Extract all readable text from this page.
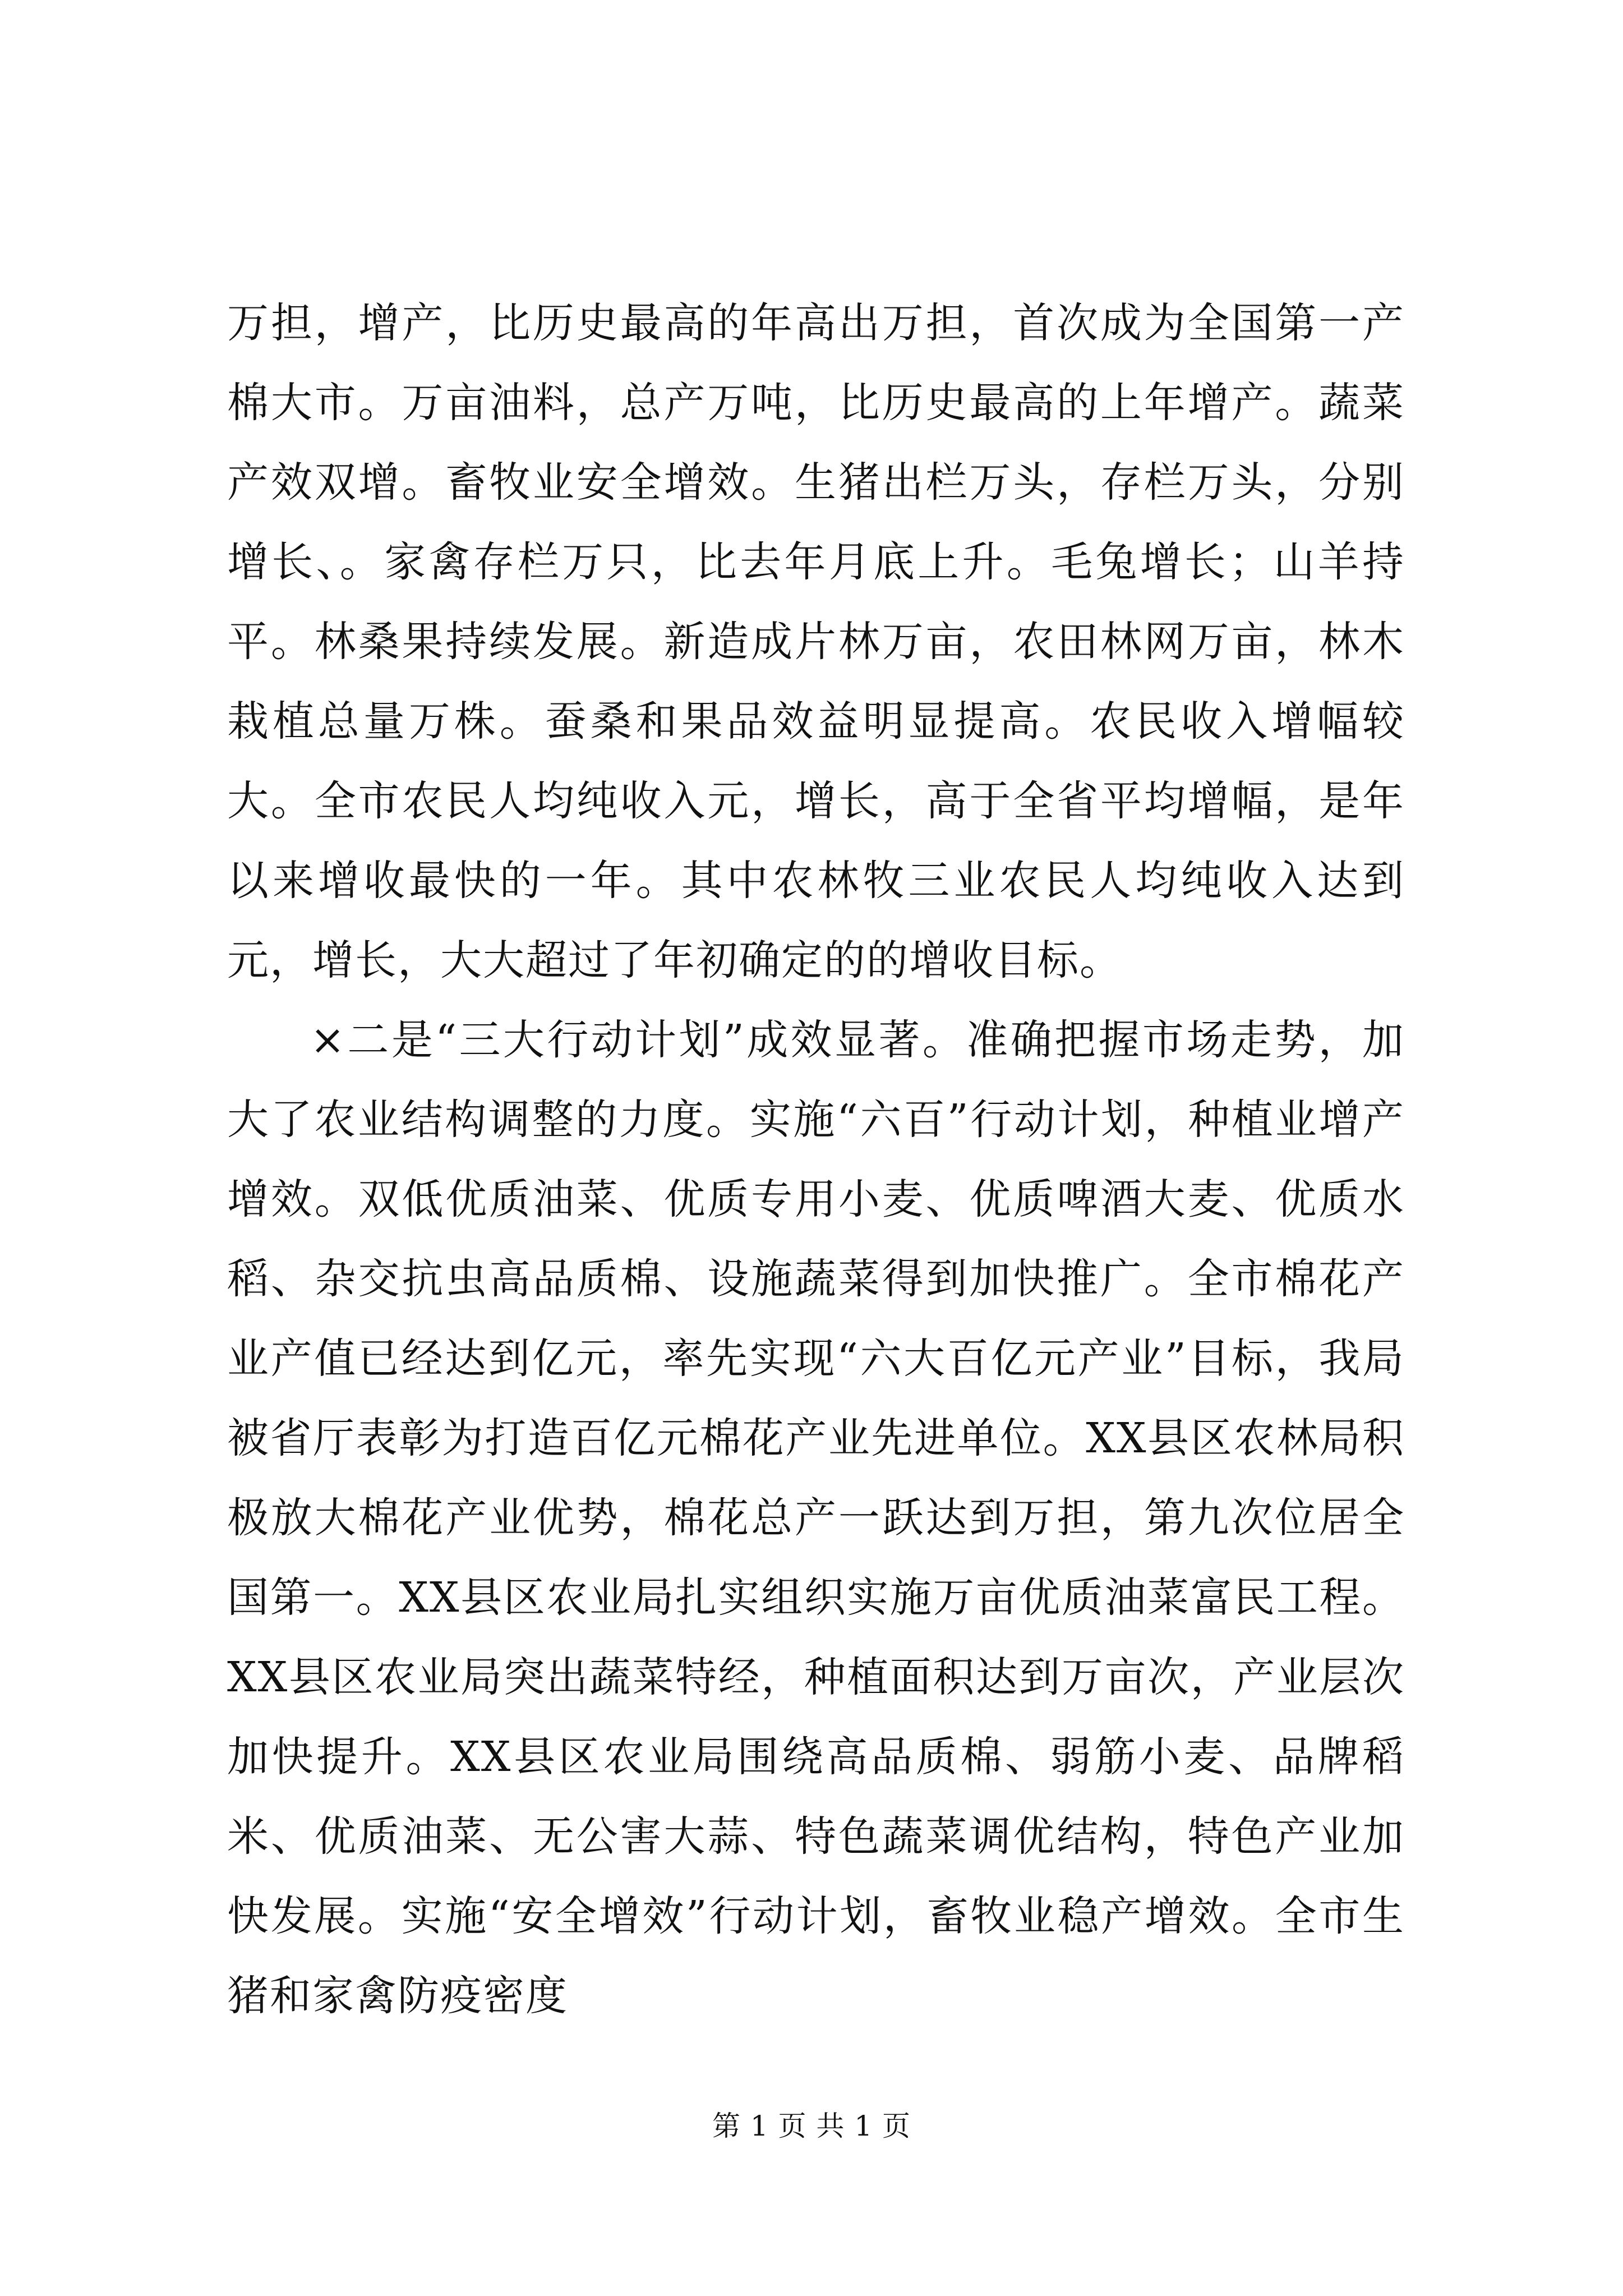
万担，增产，比历史最高的年高出万担，首次成为全国第一产棉大市。万亩油料，总产万吨，比历史最高的上年增产。蔬菜产效双增。畜牧业安全增效。生猪出栏万头，存栏万头，分别增长、。家禽存栏万只，比去年月底上升。毛兔增长；山羊持平。林桑果持续发展。新造成片林万亩，农田林网万亩，林木栽植总量万株。蚕桑和果品效益明显提高。农民收入增幅较大。全市农民人均纯收入元，增长，高于全省平均增幅，是年以来增收最快的一年。其中农林牧三业农民人均纯收入达到元，增长，大大超过了年初确定的的增收目标。

×二是“三大行动计划”成效显著。准确把握市场走势，加大了农业结构调整的力度。实施“六百”行动计划，种植业增产增效。双低优质油菜、优质专用小麦、优质啤酒大麦、优质水稻、杂交抗虫高品质棉、设施蔬菜得到加快推广。全市棉花产业产值已经达到亿元，率先实现“六大百亿元产业”目标，我局被省厅表彰为打造百亿元棉花产业先进单位。XX县区农林局积极放大棉花产业优势，棉花总产一跃达到万担，第九次位居全国第一。XX县区农业局扎实组织实施万亩优质油菜富民工程。XX县区农业局突出蔬菜特经，种植面积达到万亩次，产业层次加快提升。XX县区农业局围绕高品质棉、弱筋小麦、品牌稻米、优质油菜、无公害大蒜、特色蔬菜调优结构，特色产业加快发展。实施“安全增效”行动计划，畜牧业稳产增效。全市生猪和家禽防疫密度

第 1 页 共 1 页
